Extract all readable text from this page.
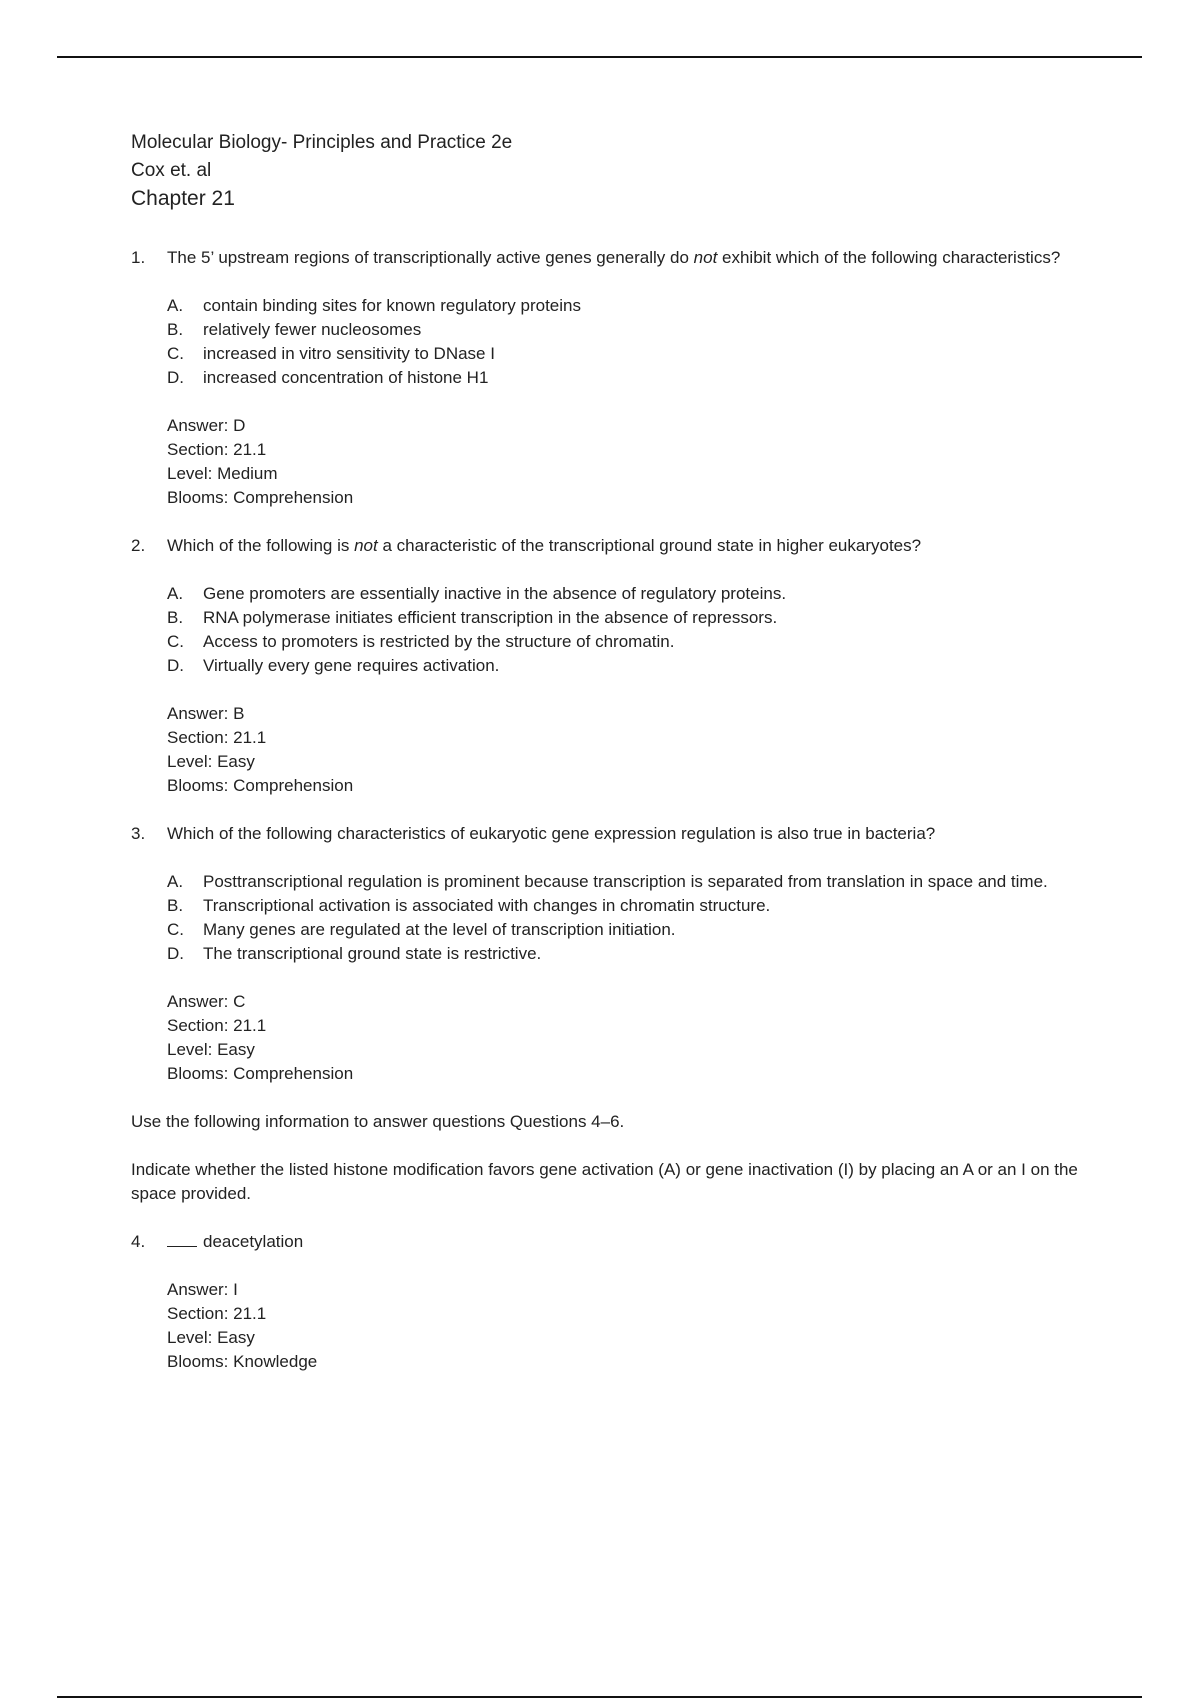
Molecular Biology- Principles and Practice 2e
Cox et. al
Chapter 21
1.	The 5’ upstream regions of transcriptionally active genes generally do not exhibit which of the following characteristics?
A.	contain binding sites for known regulatory proteins
B.	relatively fewer nucleosomes
C.	increased in vitro sensitivity to DNase I
D.	increased concentration of histone H1
Answer: D
Section: 21.1
Level: Medium
Blooms: Comprehension
2.	Which of the following is not a characteristic of the transcriptional ground state in higher eukaryotes?
A.	Gene promoters are essentially inactive in the absence of regulatory proteins.
B.	RNA polymerase initiates efficient transcription in the absence of repressors.
C.	Access to promoters is restricted by the structure of chromatin.
D.	Virtually every gene requires activation.
Answer: B
Section: 21.1
Level: Easy
Blooms: Comprehension
3.	Which of the following characteristics of eukaryotic gene expression regulation is also true in bacteria?
A.	Posttranscriptional regulation is prominent because transcription is separated from translation in space and time.
B.	Transcriptional activation is associated with changes in chromatin structure.
C.	Many genes are regulated at the level of transcription initiation.
D.	The transcriptional ground state is restrictive.
Answer: C
Section: 21.1
Level: Easy
Blooms: Comprehension
Use the following information to answer questions Questions 4–6.
Indicate whether the listed histone modification favors gene activation (A) or gene inactivation (I) by placing an A or an I on the space provided.
4.	deacetylation
Answer: I
Section: 21.1
Level: Easy
Blooms: Knowledge
